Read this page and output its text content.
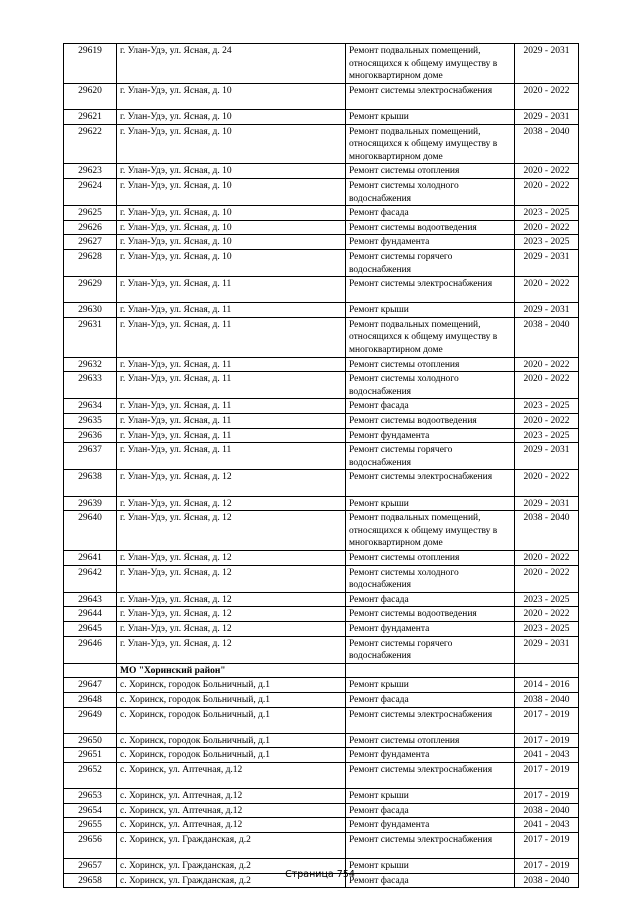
29619	г. Улан-Удэ, ул. Ясная, д. 24	Ремонт подвальных помещений, относящихся к общему имуществу в многоквартирном доме	2029 - 2031
29620	г. Улан-Удэ, ул. Ясная, д. 10	Ремонт системы электроснабжения	2020 - 2022
29621	г. Улан-Удэ, ул. Ясная, д. 10	Ремонт крыши	2029 - 2031
29622	г. Улан-Удэ, ул. Ясная, д. 10	Ремонт подвальных помещений, относящихся к общему имуществу в многоквартирном доме	2038 - 2040
29623	г. Улан-Удэ, ул. Ясная, д. 10	Ремонт системы отопления	2020 - 2022
29624	г. Улан-Удэ, ул. Ясная, д. 10	Ремонт системы холодного водоснабжения	2020 - 2022
29625	г. Улан-Удэ, ул. Ясная, д. 10	Ремонт фасада	2023 - 2025
29626	г. Улан-Удэ, ул. Ясная, д. 10	Ремонт системы водоотведения	2020 - 2022
29627	г. Улан-Удэ, ул. Ясная, д. 10	Ремонт фундамента	2023 - 2025
29628	г. Улан-Удэ, ул. Ясная, д. 10	Ремонт системы горячего водоснабжения	2029 - 2031
29629	г. Улан-Удэ, ул. Ясная, д. 11	Ремонт системы электроснабжения	2020 - 2022
29630	г. Улан-Удэ, ул. Ясная, д. 11	Ремонт крыши	2029 - 2031
29631	г. Улан-Удэ, ул. Ясная, д. 11	Ремонт подвальных помещений, относящихся к общему имуществу в многоквартирном доме	2038 - 2040
29632	г. Улан-Удэ, ул. Ясная, д. 11	Ремонт системы отопления	2020 - 2022
29633	г. Улан-Удэ, ул. Ясная, д. 11	Ремонт системы холодного водоснабжения	2020 - 2022
29634	г. Улан-Удэ, ул. Ясная, д. 11	Ремонт фасада	2023 - 2025
29635	г. Улан-Удэ, ул. Ясная, д. 11	Ремонт системы водоотведения	2020 - 2022
29636	г. Улан-Удэ, ул. Ясная, д. 11	Ремонт фундамента	2023 - 2025
29637	г. Улан-Удэ, ул. Ясная, д. 11	Ремонт системы горячего водоснабжения	2029 - 2031
29638	г. Улан-Удэ, ул. Ясная, д. 12	Ремонт системы электроснабжения	2020 - 2022
29639	г. Улан-Удэ, ул. Ясная, д. 12	Ремонт крыши	2029 - 2031
29640	г. Улан-Удэ, ул. Ясная, д. 12	Ремонт подвальных помещений, относящихся к общему имуществу в многоквартирном доме	2038 - 2040
29641	г. Улан-Удэ, ул. Ясная, д. 12	Ремонт системы отопления	2020 - 2022
29642	г. Улан-Удэ, ул. Ясная, д. 12	Ремонт системы холодного водоснабжения	2020 - 2022
29643	г. Улан-Удэ, ул. Ясная, д. 12	Ремонт фасада	2023 - 2025
29644	г. Улан-Удэ, ул. Ясная, д. 12	Ремонт системы водоотведения	2020 - 2022
29645	г. Улан-Удэ, ул. Ясная, д. 12	Ремонт фундамента	2023 - 2025
29646	г. Улан-Удэ, ул. Ясная, д. 12	Ремонт системы горячего водоснабжения	2029 - 2031
	МО "Хоринский район"		
29647	с. Хоринск, городок Больничный, д.1	Ремонт крыши	2014 - 2016
29648	с. Хоринск, городок Больничный, д.1	Ремонт фасада	2038 - 2040
29649	с. Хоринск, городок Больничный, д.1	Ремонт системы электроснабжения	2017 - 2019
29650	с. Хоринск, городок Больничный, д.1	Ремонт системы отопления	2017 - 2019
29651	с. Хоринск, городок Больничный, д.1	Ремонт фундамента	2041 - 2043
29652	с. Хоринск, ул. Аптечная, д.12	Ремонт системы электроснабжения	2017 - 2019
29653	с. Хоринск, ул. Аптечная, д.12	Ремонт крыши	2017 - 2019
29654	с. Хоринск, ул. Аптечная, д.12	Ремонт фасада	2038 - 2040
29655	с. Хоринск, ул. Аптечная, д.12	Ремонт фундамента	2041 - 2043
29656	с. Хоринск, ул. Гражданская, д.2	Ремонт системы электроснабжения	2017 - 2019
29657	с. Хоринск, ул. Гражданская, д.2	Ремонт крыши	2017 - 2019
29658	с. Хоринск, ул. Гражданская, д.2	Ремонт фасада	2038 - 2040
Страница 754
